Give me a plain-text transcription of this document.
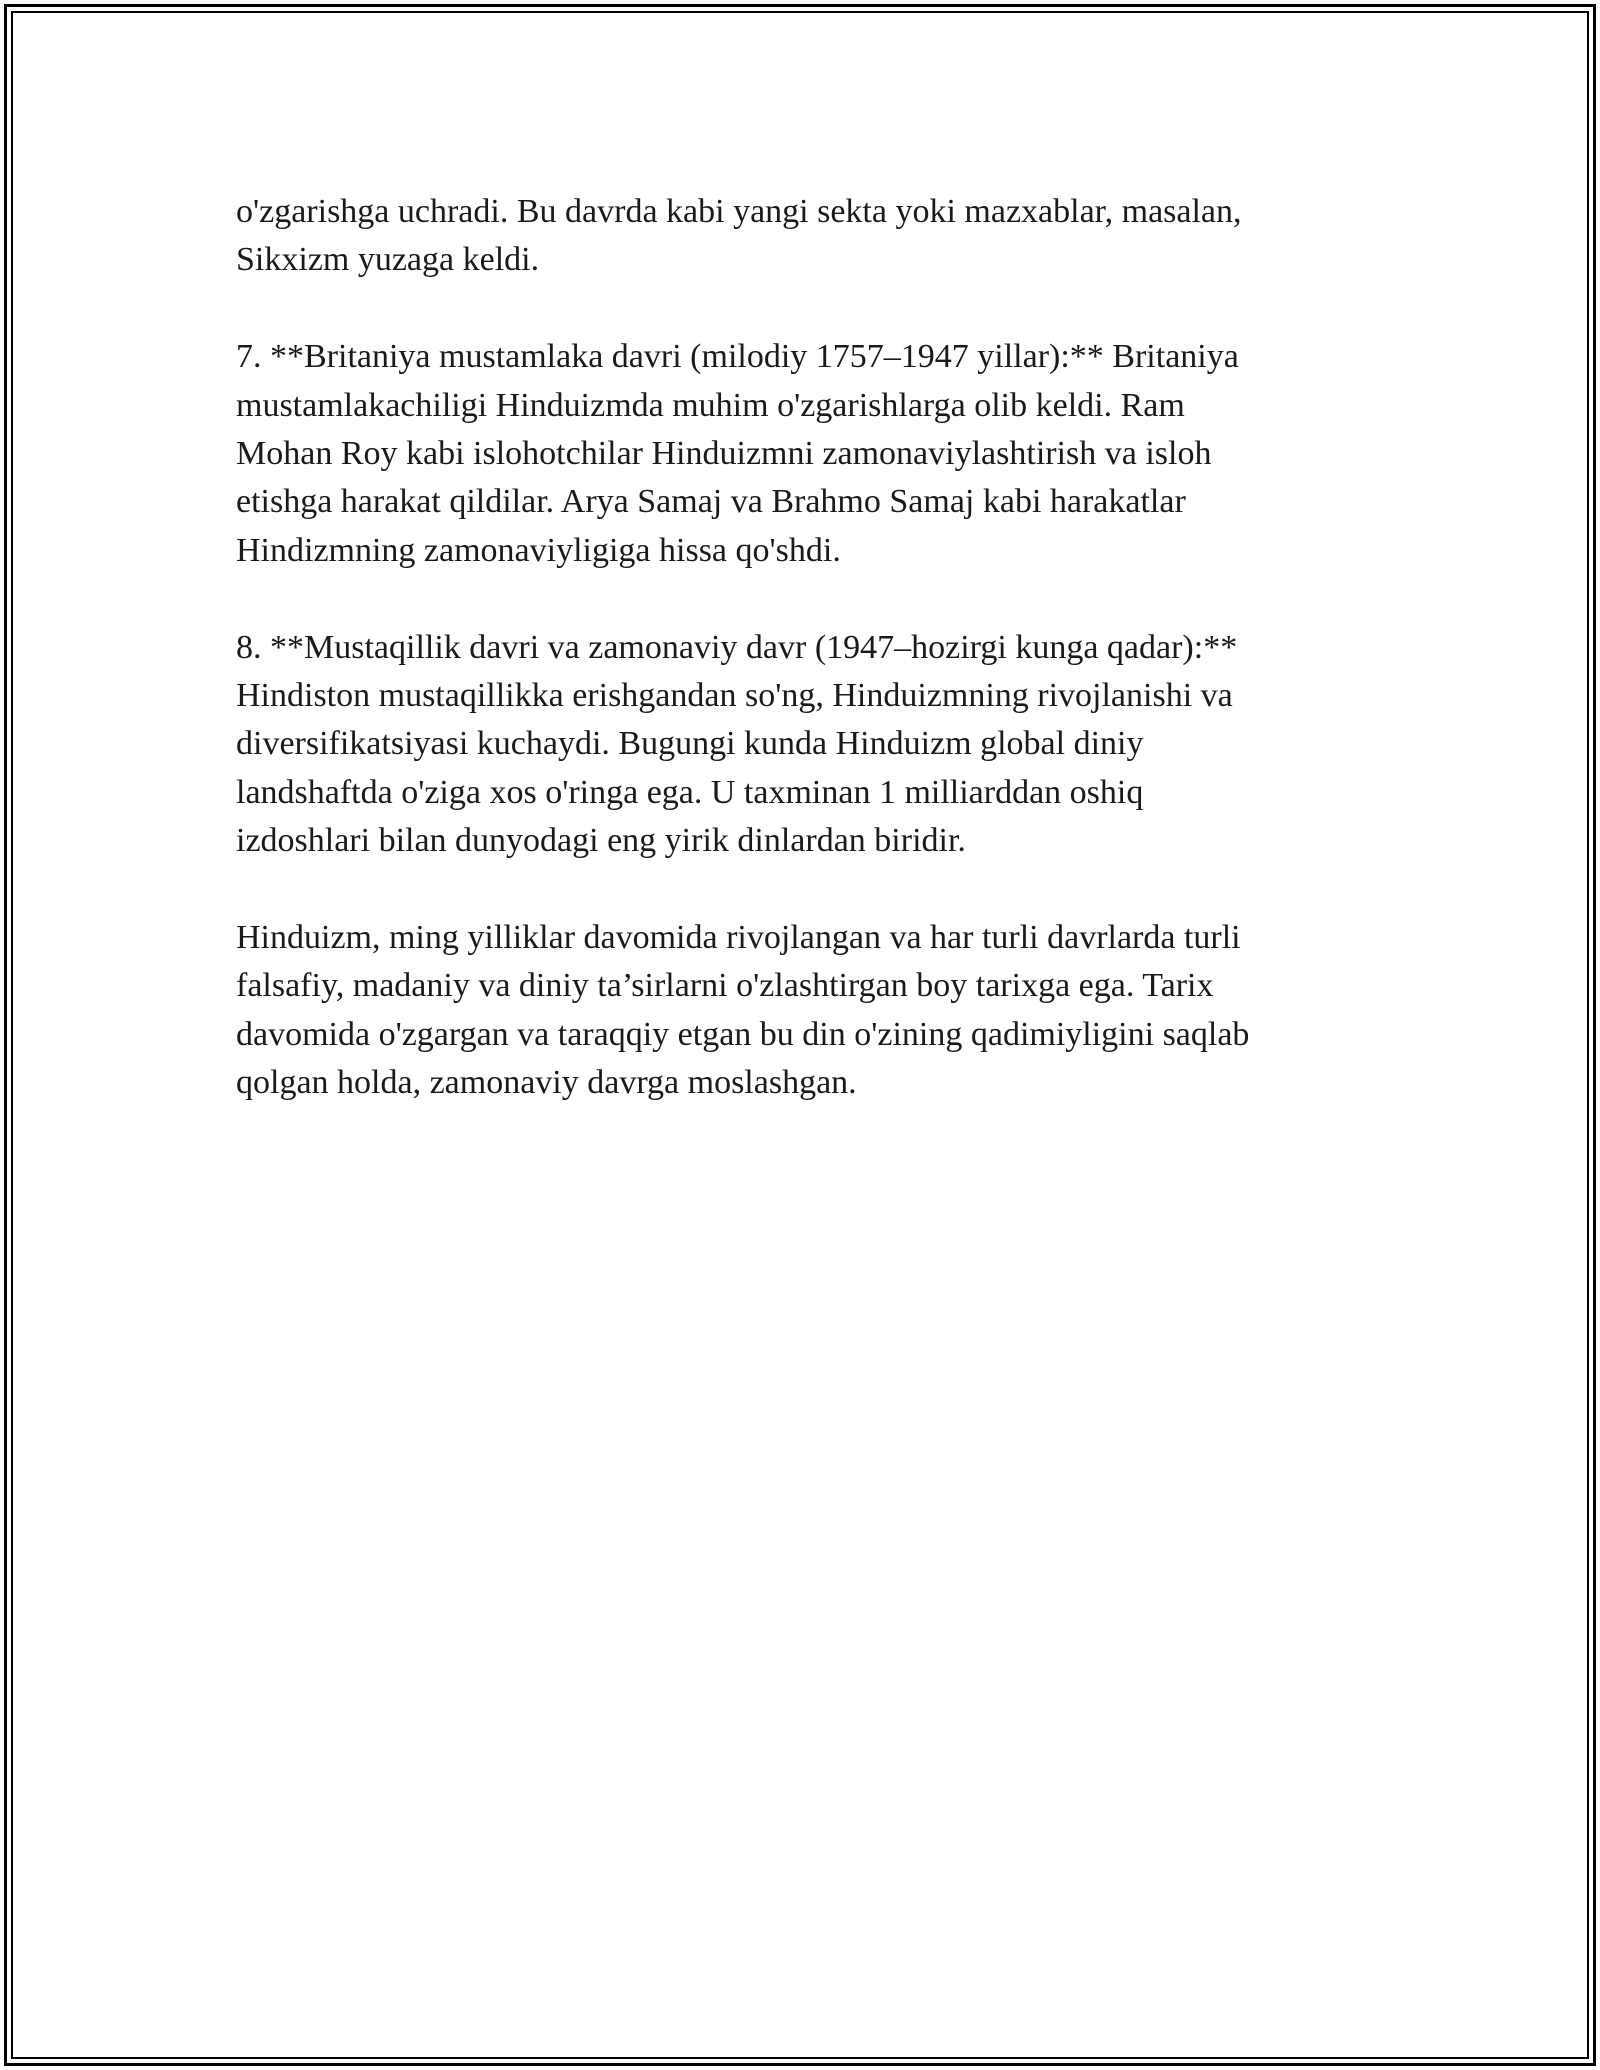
o'zgarishga uchradi. Bu davrda kabi yangi sekta yoki mazxablar, masalan,
Sikxizm yuzaga keldi.

7. **Britaniya mustamlaka davri (milodiy 1757–1947 yillar):** Britaniya
mustamlakachiligi Hinduizmda muhim o'zgarishlarga olib keldi. Ram
Mohan Roy kabi islohotchilar Hinduizmni zamonaviylashtirish va isloh
etishga harakat qildilar. Arya Samaj va Brahmo Samaj kabi harakatlar
Hindizmning zamonaviyligiga hissa qo'shdi.

8. **Mustaqillik davri va zamonaviy davr (1947–hozirgi kunga qadar):**
Hindiston mustaqillikka erishgandan so'ng, Hinduizmning rivojlanishi va
diversifikatsiyasi kuchaydi. Bugungi kunda Hinduizm global diniy
landshaftda o'ziga xos o'ringa ega. U taxminan 1 milliarddan oshiq
izdoshlari bilan dunyodagi eng yirik dinlardan biridir.

Hinduizm, ming yilliklar davomida rivojlangan va har turli davrlarda turli
falsafiy, madaniy va diniy ta’sirlarni o'zlashtirgan boy tarixga ega. Tarix
davomida o'zgargan va taraqqiy etgan bu din o'zining qadimiyligini saqlab
qolgan holda, zamonaviy davrga moslashgan.
